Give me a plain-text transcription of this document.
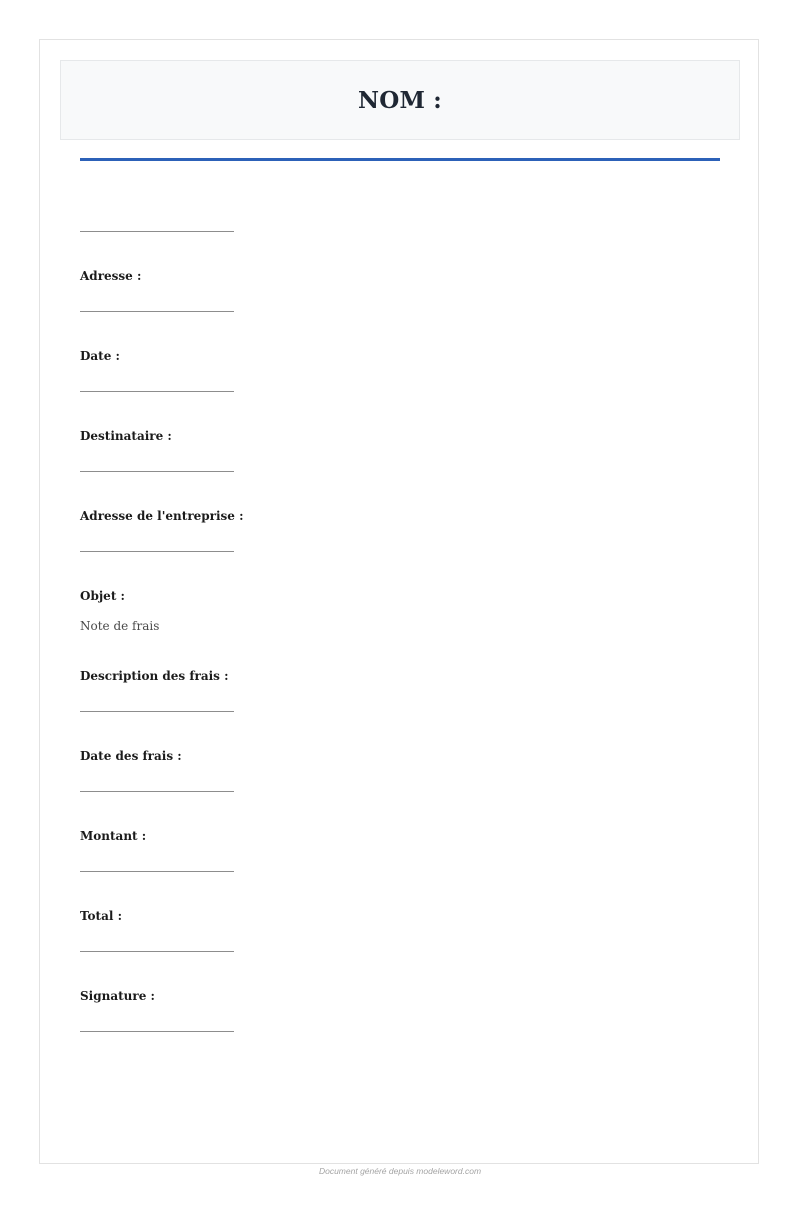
NOM :
Adresse :
Date :
Destinataire :
Adresse de l'entreprise :
Objet :
Note de frais
Description des frais :
Date des frais :
Montant :
Total :
Signature :
Document généré depuis modeleword.com
